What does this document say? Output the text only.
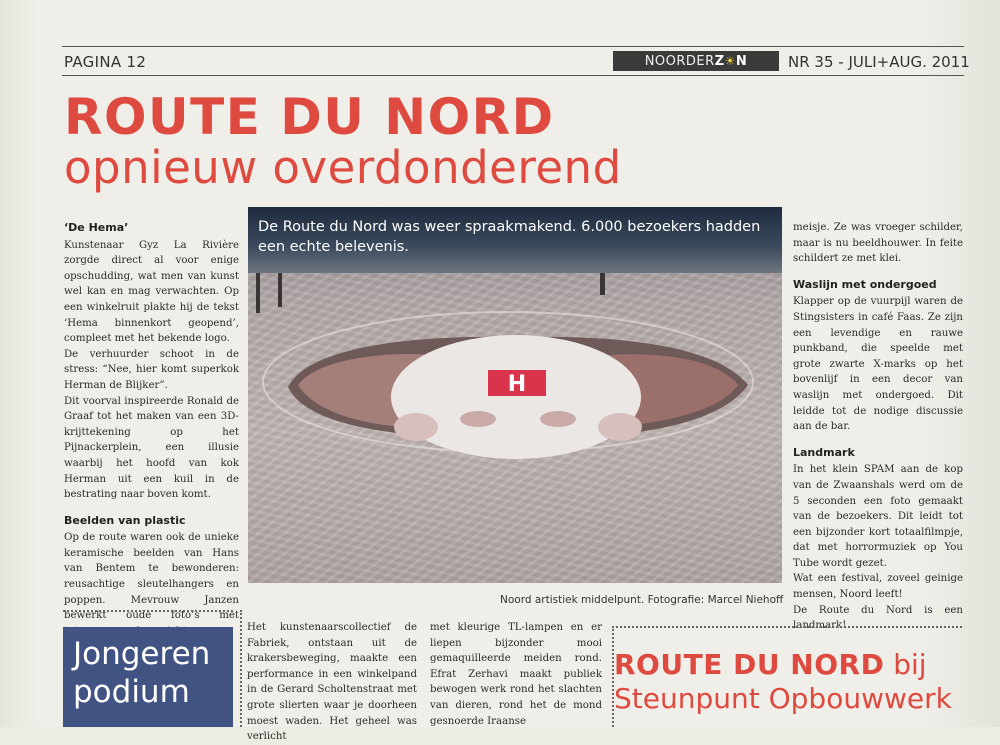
PAGINA 12	NOORDERZ☀N	NR 35 - JULI+AUG. 2011
ROUTE DU NORD
opnieuw overdonderend
‘De Hema’

Kunstenaar Gyz La Rivière zorgde direct al voor enige opschudding, wat men van kunst wel kan en mag verwachten. Op een winkelruit plakte hij de tekst ‘Hema binnenkort geopend’, compleet met het bekende logo.

De verhuurder schoot in de stress: “Nee, hier komt superkok Herman de Blijker”.

Dit voorval inspireerde Ronald de Graaf tot het maken van een 3D-krijttekening op het Pijnackerplein, een illusie waarbij het hoofd van kok Herman uit een kuil in de bestrating naar boven komt.

Beelden van plastic

Op de route waren ook de unieke keramische beelden van Hans van Bentem te bewonderen: reusachtige sleutelhangers en poppen. Mevrouw Janzen bewerkt oude foto’s met

H
De Route du Nord was weer spraakmakend. 6.000 bezoekers hadden
een echte belevenis.
Noord artistiek middelpunt. Fotografie: Marcel Niehoff

meisje. Ze was vroeger schilder, maar is nu beeldhouwer. In feite schildert ze met klei.

Waslijn met ondergoed

Klapper op de vuurpijl waren de Stingsisters in café Faas. Ze zijn een levendige en rauwe punkband, die speelde met grote zwarte X-marks op het bovenlijf in een decor van waslijn met ondergoed. Dit leidde tot de nodige discussie aan de bar.

Landmark

In het klein SPAM aan de kop van de Zwaanshals werd om de 5 seconden een foto gemaakt van de bezoekers. Dit leidt tot een bijzonder kort totaalfilmpje, dat met horrormuziek op You Tube wordt gezet.

Wat een festival, zoveel geinige mensen, Noord leeft!

De Route du Nord is een landmark!

Jongeren
podium

Het kunstenaarscollectief de Fabriek, ontstaan uit de krakersbeweging, maakte een performance in een winkelpand in de Gerard Scholtenstraat met grote slierten waar je doorheen moest waden. Het geheel was verlicht

met kleurige TL-lampen en er liepen bijzonder mooi gemaquilleerde meiden rond. Efrat Zerhavi maakt publiek bewogen werk rond het slachten van dieren, rond het de mond gesnoerde Iraanse

ROUTE DU NORD bij
Steunpunt Opbouwwerk
